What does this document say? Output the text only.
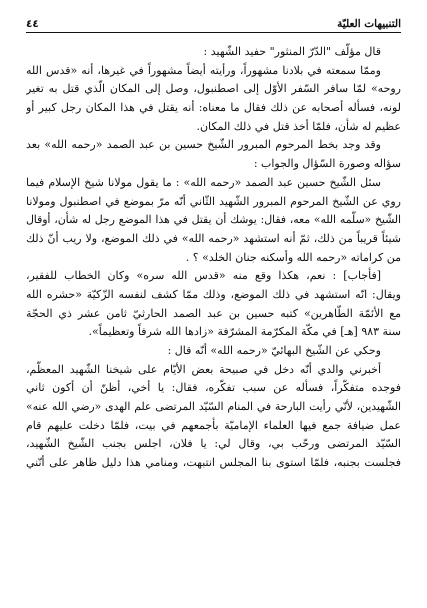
٤٤	التنبيهات العليّة
قال مؤلّف "الدّرّ المنثور" حفيد الشّهيد :
وممّا سمعته في بلادنا مشهوراً، ورأيته أيضاً مشهوراً في غيرها، أنه «قدس الله
روحه» لمّا سافر السّفر الأوّل إلى اصطنبول، وصل إلى المكان الّذي قتل به تغير
لونه، فسأله أصحابه عن ذلك فقال ما معناه: أنه يقتل في هذا المكان رجل كبير أو
عظيم له شأن، فلمّا أخذ قتل في ذلك المكان.
وقد وجد بخط المرحوم المبرور الشّيخ حسين بن عبد الصمد «رحمه الله» بعد
سؤاله وصورة السّؤال والجواب :
سئل الشّيخ حسين عبد الصمد «رحمه الله» : ما يقول مولانا شيخ الإسلام فيما
روي عن الشّيخ المرحوم المبرور الشّهيد الثّاني أنّه مرّ بموضع في اصطنبول ومولانا
الشّيخ «سلّمه الله» معه، فقال: يوشك أن يقتل في هذا الموضع رجل له شأن، أوقال
شيئاً قريباً من ذلك، ثمّ أنه استشهد «رحمه الله» في ذلك الموضع، ولا ريب أنّ ذلك
من كراماته «رحمه الله وأسكنه جنان الخلد» ؟ .
[فأجاب] : نعم، هكذا وقع منه «قدس الله سره» وكان الخطاب للفقير،
ويقال: انّه استشهد في ذلك الموضع، وذلك ممّا كشف لنفسه الزّكيّة «حشره الله
مع الأئمّة الطّاهرين» كتبه حسين بن عبد الصمد الحارثيّ ثامن عشر ذي الحجّة
سنة ٩٨٣ [هـ] في مكّة المكرّمة المشرّفة «زادها الله شرفاً وتعظيماً».
وحكي عن الشّيخ البهائيّ «رحمه الله» أنّه قال :
أخبرني والدي أنّه دخل في صبيحة بعض الأيّام على شيخنا الشّهيد المعظّم،
فوجده متفكّراً، فسأله عن سبب تفكّره، فقال: يا أخي، أظنّ أن أكون ثاني
الشّهيدين، لأنّي رأيت البارحة في المنام السّيّد المرتضى علم الهدى «رضي الله عنه»
عمل ضيافة جمع فيها العلماء الإماميّة بأجمعهم في بيت، فلمّا دخلت عليهم قام
السّيّد المرتضى ورحّب بي، وقال لي: يا فلان، اجلس بجنب الشّيخ الشّهيد،
فجلست بجنبه، فلمّا استوى بنا المجلس انتبهت، ومنامي هذا دليل ظاهر على أنّني
